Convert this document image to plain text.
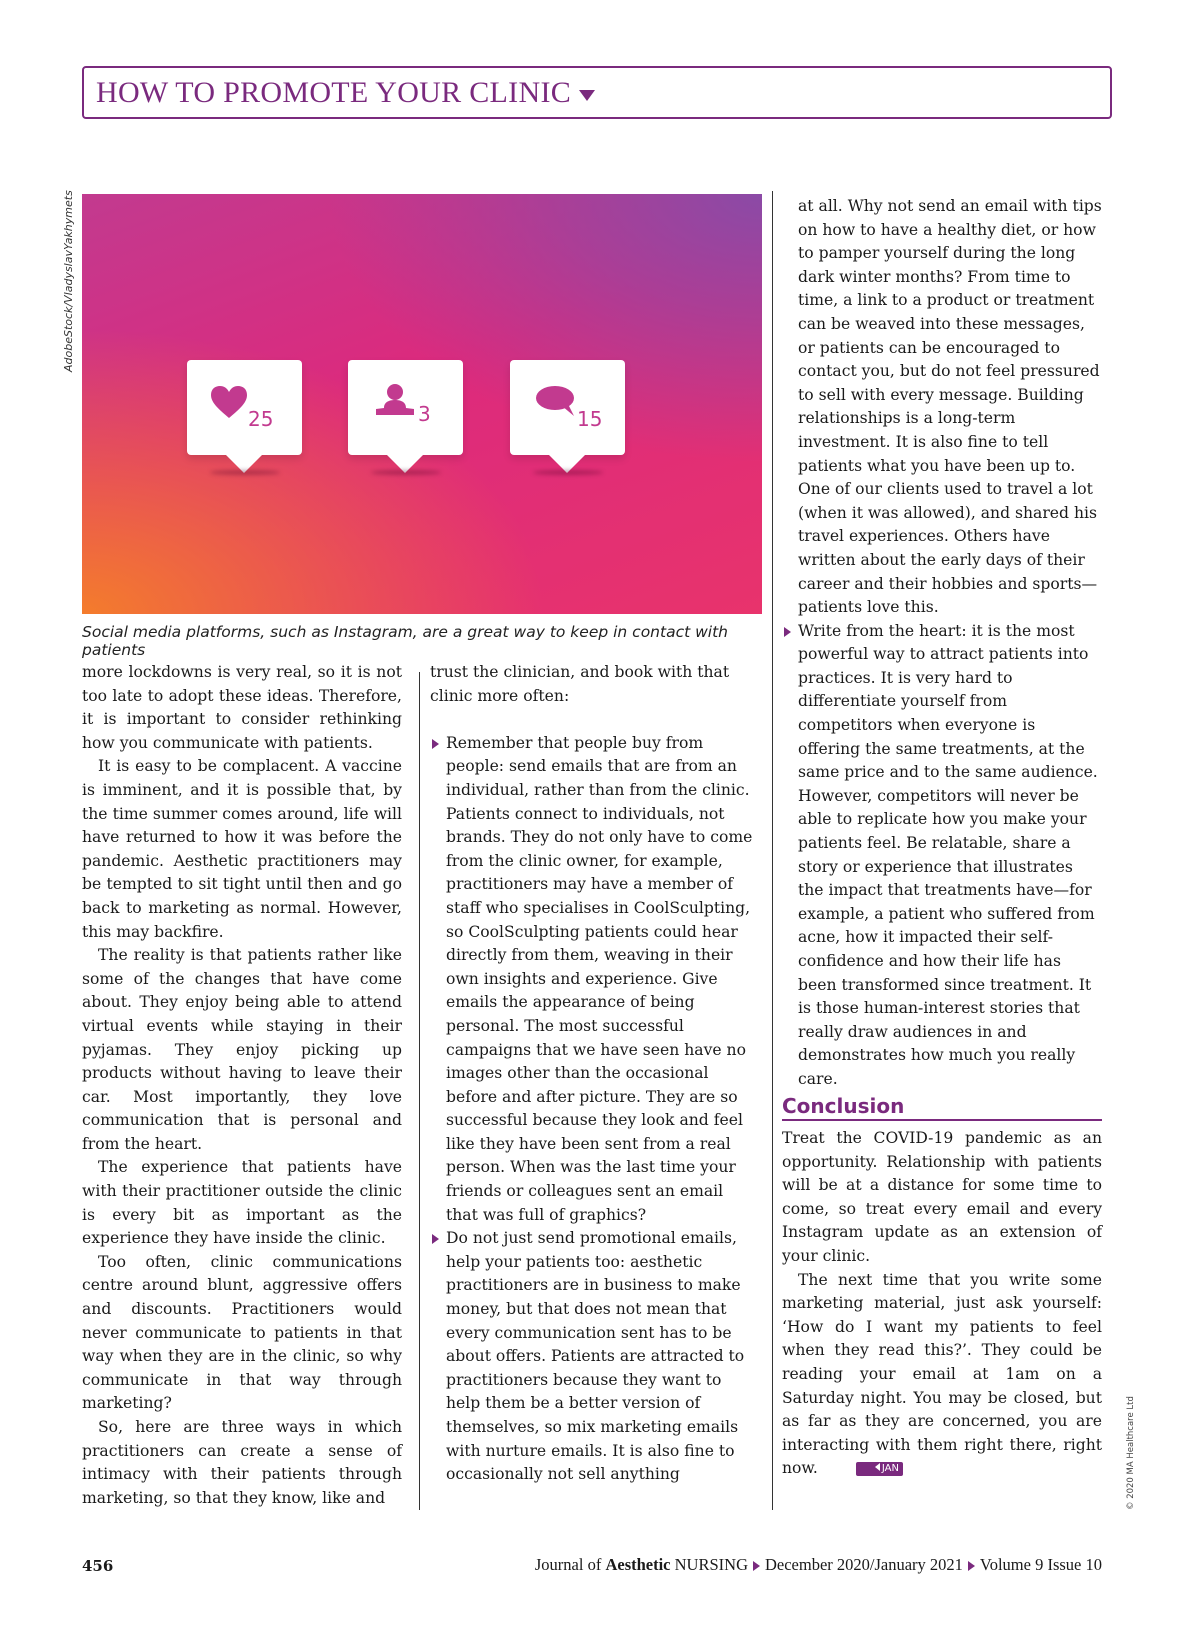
HOW TO PROMOTE YOUR CLINIC
AdobeStock/VladyslavYakhymets
25	3	15
Social media platforms, such as Instagram, are a great way to keep in contact with patients

more lockdowns is very real, so it is not too late to adopt these ideas. Therefore, it is important to consider rethinking how you communicate with patients.

It is easy to be complacent. A vaccine is imminent, and it is possible that, by the time summer comes around, life will have returned to how it was before the pandemic. Aesthetic practitioners may be tempted to sit tight until then and go back to marketing as normal. However, this may backfire.

The reality is that patients rather like some of the changes that have come about. They enjoy being able to attend virtual events while staying in their pyjamas. They enjoy picking up products without having to leave their car. Most importantly, they love communication that is personal and from the heart.

The experience that patients have with their practitioner outside the clinic is every bit as important as the experience they have inside the clinic.

Too often, clinic communications centre around blunt, aggressive offers and discounts. Practitioners would never communicate to patients in that way when they are in the clinic, so why communicate in that way through marketing?

So, here are three ways in which practitioners can create a sense of intimacy with their patients through marketing, so that they know, like and

trust the clinician, and book with that clinic more often:

Remember that people buy from people: send emails that are from an individual, rather than from the clinic. Patients connect to individuals, not brands. They do not only have to come from the clinic owner, for example, practitioners may have a member of staff who specialises in CoolSculpting, so CoolSculpting patients could hear directly from them, weaving in their own insights and experience. Give emails the appearance of being personal. The most successful campaigns that we have seen have no images other than the occasional before and after picture. They are so successful because they look and feel like they have been sent from a real person. When was the last time your friends or colleagues sent an email that was full of graphics?

Do not just send promotional emails, help your patients too: aesthetic practitioners are in business to make money, but that does not mean that every communication sent has to be about offers. Patients are attracted to practitioners because they want to help them be a better version of themselves, so mix marketing emails with nurture emails. It is also fine to occasionally not sell anything

at all. Why not send an email with tips on how to have a healthy diet, or how to pamper yourself during the long dark winter months? From time to time, a link to a product or treatment can be weaved into these messages, or patients can be encouraged to contact you, but do not feel pressured to sell with every message. Building relationships is a long-term investment. It is also fine to tell patients what you have been up to. One of our clients used to travel a lot (when it was allowed), and shared his travel experiences. Others have written about the early days of their career and their hobbies and sports—patients love this.

Write from the heart: it is the most powerful way to attract patients into practices. It is very hard to differentiate yourself from competitors when everyone is offering the same treatments, at the same price and to the same audience. However, competitors will never be able to replicate how you make your patients feel. Be relatable, share a story or experience that illustrates the impact that treatments have—for example, a patient who suffered from acne, how it impacted their self-confidence and how their life has been transformed since treatment. It is those human-interest stories that really draw audiences in and demonstrates how much you really care.

Conclusion

Treat the COVID-19 pandemic as an opportunity. Relationship with patients will be at a distance for some time to come, so treat every email and every Instagram update as an extension of your clinic.

The next time that you write some marketing material, just ask yourself: ‘How do I want my patients to feel when they read this?’. They could be reading your email at 1am on a Saturday night. You may be closed, but as far as they are concerned, you are interacting with them right there, right now.	JAN	© 2020 MA Healthcare Ltd
456	Journal of Aesthetic NURSING December 2020/January 2021 Volume 9 Issue 10
